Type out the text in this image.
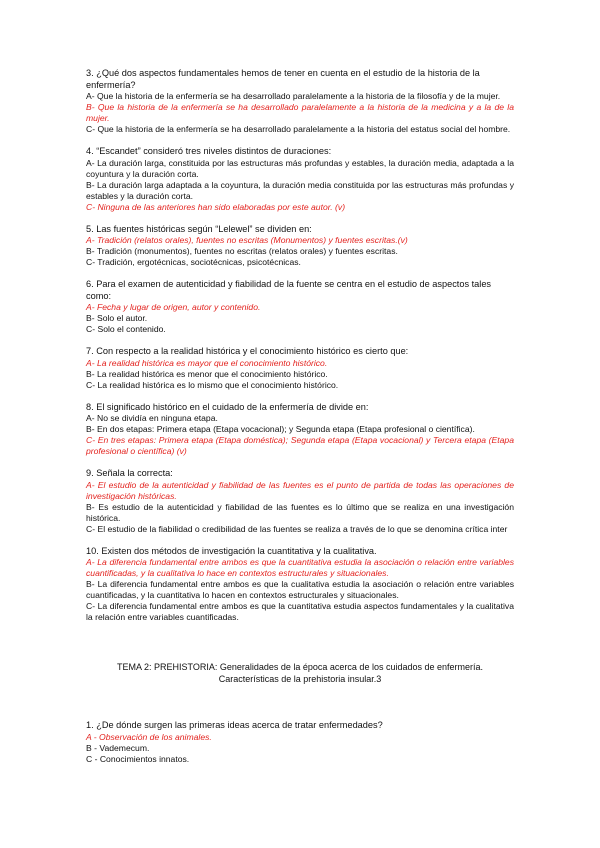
3. ¿Qué dos aspectos fundamentales hemos de tener en cuenta en el estudio de la historia de la enfermería?
A- Que la historia de la enfermería se ha desarrollado paralelamente a la historia de la filosofía y de la mujer.
B- Que la historia de la enfermería se ha desarrollado paralelamente a la historia de la medicina y a la de la mujer.
C- Que la historia de la enfermería se ha desarrollado paralelamente a la historia del estatus social del hombre.
4. “Escandet” consideró tres niveles distintos de duraciones:
A- La duración larga, constituida por las estructuras más profundas y estables, la duración media, adaptada a la coyuntura y la duración corta.
B- La duración larga adaptada a la coyuntura, la duración media constituida por las estructuras más profundas y estables y la duración corta.
C- Ninguna de las anteriores han sido elaboradas por este autor. (v)
5. Las fuentes históricas según “Lelewel” se dividen en:
A- Tradición (relatos orales), fuentes no escritas (Monumentos) y fuentes escritas.(v)
B- Tradición (monumentos), fuentes no escritas (relatos orales) y fuentes escritas.
C- Tradición, ergotécnicas, sociotécnicas, psicotécnicas.
6. Para el examen de autenticidad y fiabilidad de la fuente se centra en el estudio de aspectos tales como:
A- Fecha y lugar de origen, autor y contenido.
B- Solo el autor.
C- Solo el contenido.
7. Con respecto a la realidad histórica y el conocimiento histórico es cierto que:
A- La realidad histórica es mayor que el conocimiento histórico.
B- La realidad histórica es menor que el conocimiento histórico.
C- La realidad histórica es lo mismo que el conocimiento histórico.
8. El significado histórico en el cuidado de la enfermería de divide en:
A- No se dividía en ninguna etapa.
B- En dos etapas: Primera etapa (Etapa vocacional); y Segunda etapa (Etapa profesional o científica).
C- En tres etapas: Primera etapa (Etapa doméstica); Segunda etapa (Etapa vocacional) y Tercera etapa (Etapa profesional o científica) (v)
9. Señala la correcta:
A- El estudio de la autenticidad y fiabilidad de las fuentes es el punto de partida de todas las operaciones de investigación históricas.
B- Es estudio de la autenticidad y fiabilidad de las fuentes es lo último que se realiza en una investigación histórica.
C- El estudio de la fiabilidad o credibilidad de las fuentes se realiza a través de lo que se denomina crítica inter
10. Existen dos métodos de investigación la cuantitativa y la cualitativa.
A- La diferencia fundamental entre ambos es que la cuantitativa estudia la asociación o relación entre variables cuantificadas, y la cualitativa lo hace en contextos estructurales y situacionales.
B- La diferencia fundamental entre ambos es que la cualitativa estudia la asociación o relación entre variables cuantificadas, y la cuantitativa lo hacen en contextos estructurales y situacionales.
C- La diferencia fundamental entre ambos es que la cuantitativa estudia aspectos fundamentales y la cualitativa la relación entre variables cuantificadas.
TEMA 2: PREHISTORIA: Generalidades de la época acerca de los cuidados de enfermería.
Características de la prehistoria insular.3
1. ¿De dónde surgen las primeras ideas acerca de tratar enfermedades?
A - Observación de los animales.
B - Vademecum.
C - Conocimientos innatos.
